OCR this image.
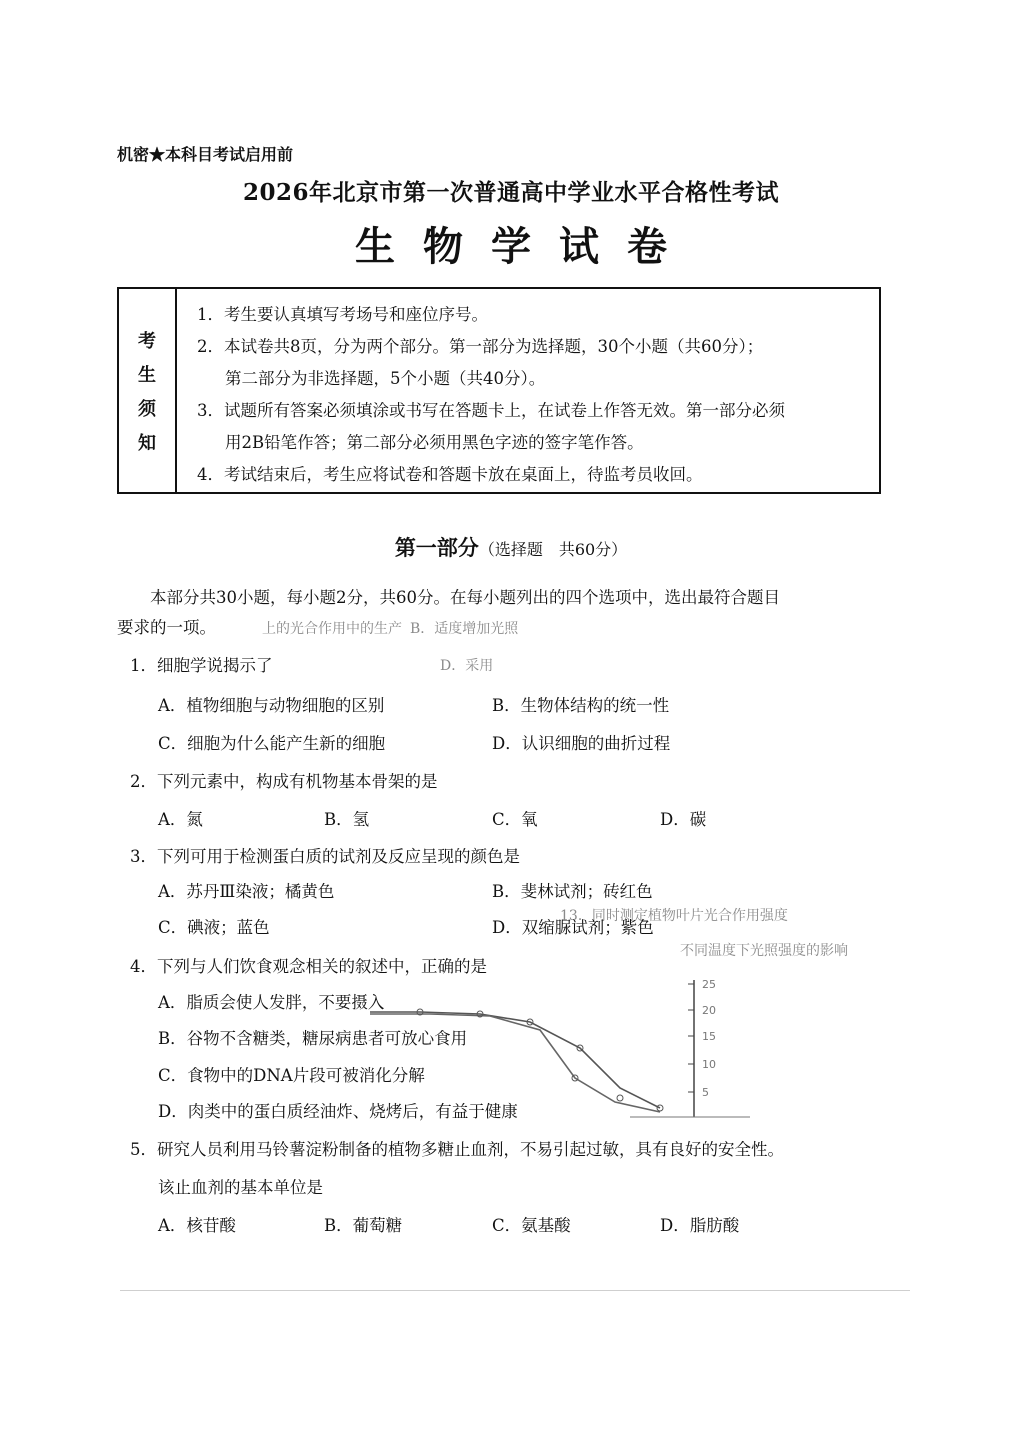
机密★本科目考试启用前
2026年北京市第一次普通高中学业水平合格性考试
生物学试卷
考
生
须
知
1．考生要认真填写考场号和座位序号。
2．本试卷共8页，分为两个部分。第一部分为选择题，30个小题（共60分）；
第二部分为非选择题，5个小题（共40分）。
3．试题所有答案必须填涂或书写在答题卡上，在试卷上作答无效。第一部分必须
用2B铅笔作答；第二部分必须用黑色字迹的签字笔作答。
4．考试结束后，考生应将试卷和答题卡放在桌面上，待监考员收回。
第一部分（选择题　共60分）
本部分共30小题，每小题2分，共60分。在每小题列出的四个选项中，选出最符合题目
要求的一项。	上的光合作用中的生产 B．适度增加光照
D．采用
13．同时测定植物叶片光合作用强度
不同温度下光照强度的影响
1．细胞学说揭示了
A．植物细胞与动物细胞的区别	B．生物体结构的统一性
C．细胞为什么能产生新的细胞	D．认识细胞的曲折过程
2．下列元素中，构成有机物基本骨架的是
A．氮	B．氢	C．氧	D．碳
3．下列可用于检测蛋白质的试剂及反应呈现的颜色是
A．苏丹Ⅲ染液；橘黄色	B．斐林试剂；砖红色
C．碘液；蓝色	D．双缩脲试剂；紫色
4．下列与人们饮食观念相关的叙述中，正确的是
A．脂质会使人发胖，不要摄入
B．谷物不含糖类，糖尿病患者可放心食用
C．食物中的DNA片段可被消化分解
D．肉类中的蛋白质经油炸、烧烤后，有益于健康
25
20
15
10
5
5．研究人员利用马铃薯淀粉制备的植物多糖止血剂，不易引起过敏，具有良好的安全性。
该止血剂的基本单位是
A．核苷酸	B．葡萄糖	C．氨基酸	D．脂肪酸
